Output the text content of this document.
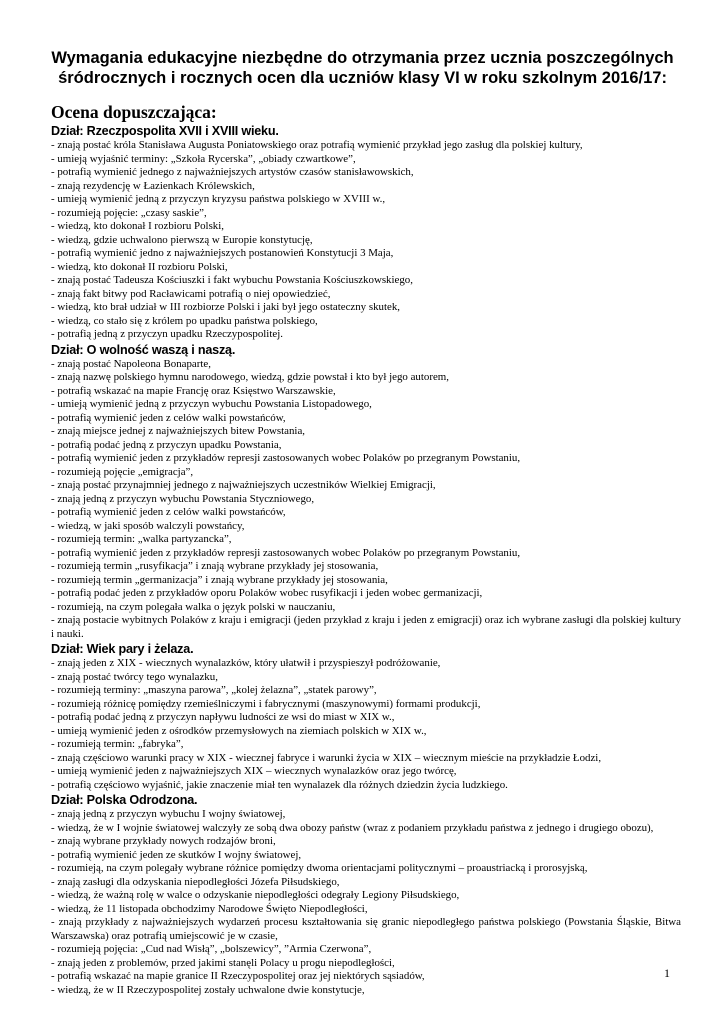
Wymagania edukacyjne niezbędne do otrzymania przez ucznia poszczególnych
śródrocznych i rocznych ocen dla uczniów klasy VI w roku szkolnym 2016/17:
Ocena dopuszczająca:
Dział: Rzeczpospolita XVII i XVIII wieku.
- znają postać króla Stanisława Augusta Poniatowskiego oraz potrafią wymienić przykład jego zasług dla polskiej kultury,
- umieją wyjaśnić terminy: „Szkoła Rycerska”, „obiady czwartkowe”,
- potrafią wymienić jednego z najważniejszych artystów czasów stanisławowskich,
- znają rezydencję w Łazienkach Królewskich,
- umieją wymienić jedną z przyczyn kryzysu państwa polskiego w XVIII w.,
- rozumieją pojęcie: „czasy saskie”,
- wiedzą, kto dokonał I rozbioru Polski,
- wiedzą, gdzie uchwalono pierwszą w Europie konstytucję,
- potrafią wymienić jedno z najważniejszych postanowień Konstytucji 3 Maja,
- wiedzą, kto dokonał II rozbioru Polski,
- znają postać Tadeusza Kościuszki i fakt wybuchu Powstania Kościuszkowskiego,
- znają fakt bitwy pod Racławicami potrafią o niej opowiedzieć,
- wiedzą, kto brał udział w III rozbiorze Polski i jaki był jego ostateczny skutek,
- wiedzą, co stało się z królem po upadku państwa polskiego,
- potrafią jedną z przyczyn upadku Rzeczypospolitej.
Dział: O wolność waszą i naszą.
- znają postać Napoleona Bonaparte,
- znają nazwę polskiego hymnu narodowego, wiedzą, gdzie powstał i kto był jego autorem,
- potrafią wskazać na mapie Francję oraz Księstwo Warszawskie,
- umieją wymienić jedną z przyczyn wybuchu Powstania Listopadowego,
- potrafią wymienić jeden z celów walki powstańców,
- znają miejsce jednej z najważniejszych bitew Powstania,
- potrafią podać jedną z przyczyn upadku Powstania,
- potrafią wymienić jeden z przykładów represji zastosowanych wobec Polaków po przegranym Powstaniu,
- rozumieją pojęcie „emigracja”,
- znają postać przynajmniej jednego z najważniejszych uczestników Wielkiej Emigracji,
- znają jedną z przyczyn wybuchu Powstania Styczniowego,
- potrafią wymienić jeden z celów walki powstańców,
- wiedzą, w jaki sposób walczyli powstańcy,
- rozumieją termin: „walka partyzancka”,
- potrafią wymienić jeden z przykładów represji zastosowanych wobec Polaków po przegranym Powstaniu,
- rozumieją termin „rusyfikacja” i znają wybrane przykłady jej stosowania,
- rozumieją termin „germanizacja” i znają wybrane przykłady jej stosowania,
- potrafią podać jeden z przykładów oporu Polaków wobec rusyfikacji i jeden wobec germanizacji,
- rozumieją, na czym polegała walka o język polski w nauczaniu,
- znają postacie wybitnych Polaków z kraju i emigracji (jeden przykład z kraju i jeden z emigracji) oraz ich wybrane zasługi dla polskiej kultury i nauki.
Dział: Wiek pary i żelaza.
- znają jeden z XIX - wiecznych wynalazków, który ułatwił i przyspieszył podróżowanie,
- znają postać twórcy tego wynalazku,
- rozumieją terminy: „maszyna parowa”, „kolej żelazna”, „statek parowy”,
- rozumieją różnicę pomiędzy rzemieślniczymi i fabrycznymi (maszynowymi) formami produkcji,
- potrafią podać jedną z przyczyn napływu ludności ze wsi do miast w XIX w.,
- umieją wymienić jeden z ośrodków przemysłowych na ziemiach polskich w XIX w.,
- rozumieją termin: „fabryka”,
- znają częściowo warunki pracy w XIX - wiecznej fabryce i warunki życia w XIX – wiecznym mieście na przykładzie Łodzi,
- umieją wymienić jeden z najważniejszych XIX – wiecznych wynalazków oraz jego twórcę,
- potrafią częściowo wyjaśnić, jakie znaczenie miał ten wynalazek dla różnych dziedzin życia ludzkiego.
Dział: Polska Odrodzona.
- znają jedną z przyczyn wybuchu I wojny światowej,
- wiedzą, że w I wojnie światowej walczyły ze sobą dwa obozy państw (wraz z podaniem przykładu państwa z jednego i drugiego obozu),
- znają wybrane przykłady nowych rodzajów broni,
- potrafią wymienić jeden ze skutków I wojny światowej,
- rozumieją, na czym polegały wybrane różnice pomiędzy dwoma orientacjami politycznymi – proaustriacką i prorosyjską,
- znają zasługi dla odzyskania niepodległości Józefa Piłsudskiego,
- wiedzą, że ważną rolę w walce o odzyskanie niepodległości odegrały Legiony Piłsudskiego,
- wiedzą, że 11 listopada obchodzimy Narodowe Święto Niepodległości,
- znają przykłady z najważniejszych wydarzeń procesu kształtowania się granic niepodległego państwa polskiego (Powstania Śląskie, Bitwa Warszawska) oraz potrafią umiejscowić je w czasie,
- rozumieją pojęcia: „Cud nad Wisłą”, „bolszewicy”, ”Armia Czerwona”,
- znają jeden z problemów, przed jakimi stanęli Polacy u progu niepodległości,
- potrafią wskazać na mapie granice II Rzeczypospolitej oraz jej niektórych sąsiadów,
- wiedzą, że w II Rzeczypospolitej zostały uchwalone dwie konstytucje,
1
